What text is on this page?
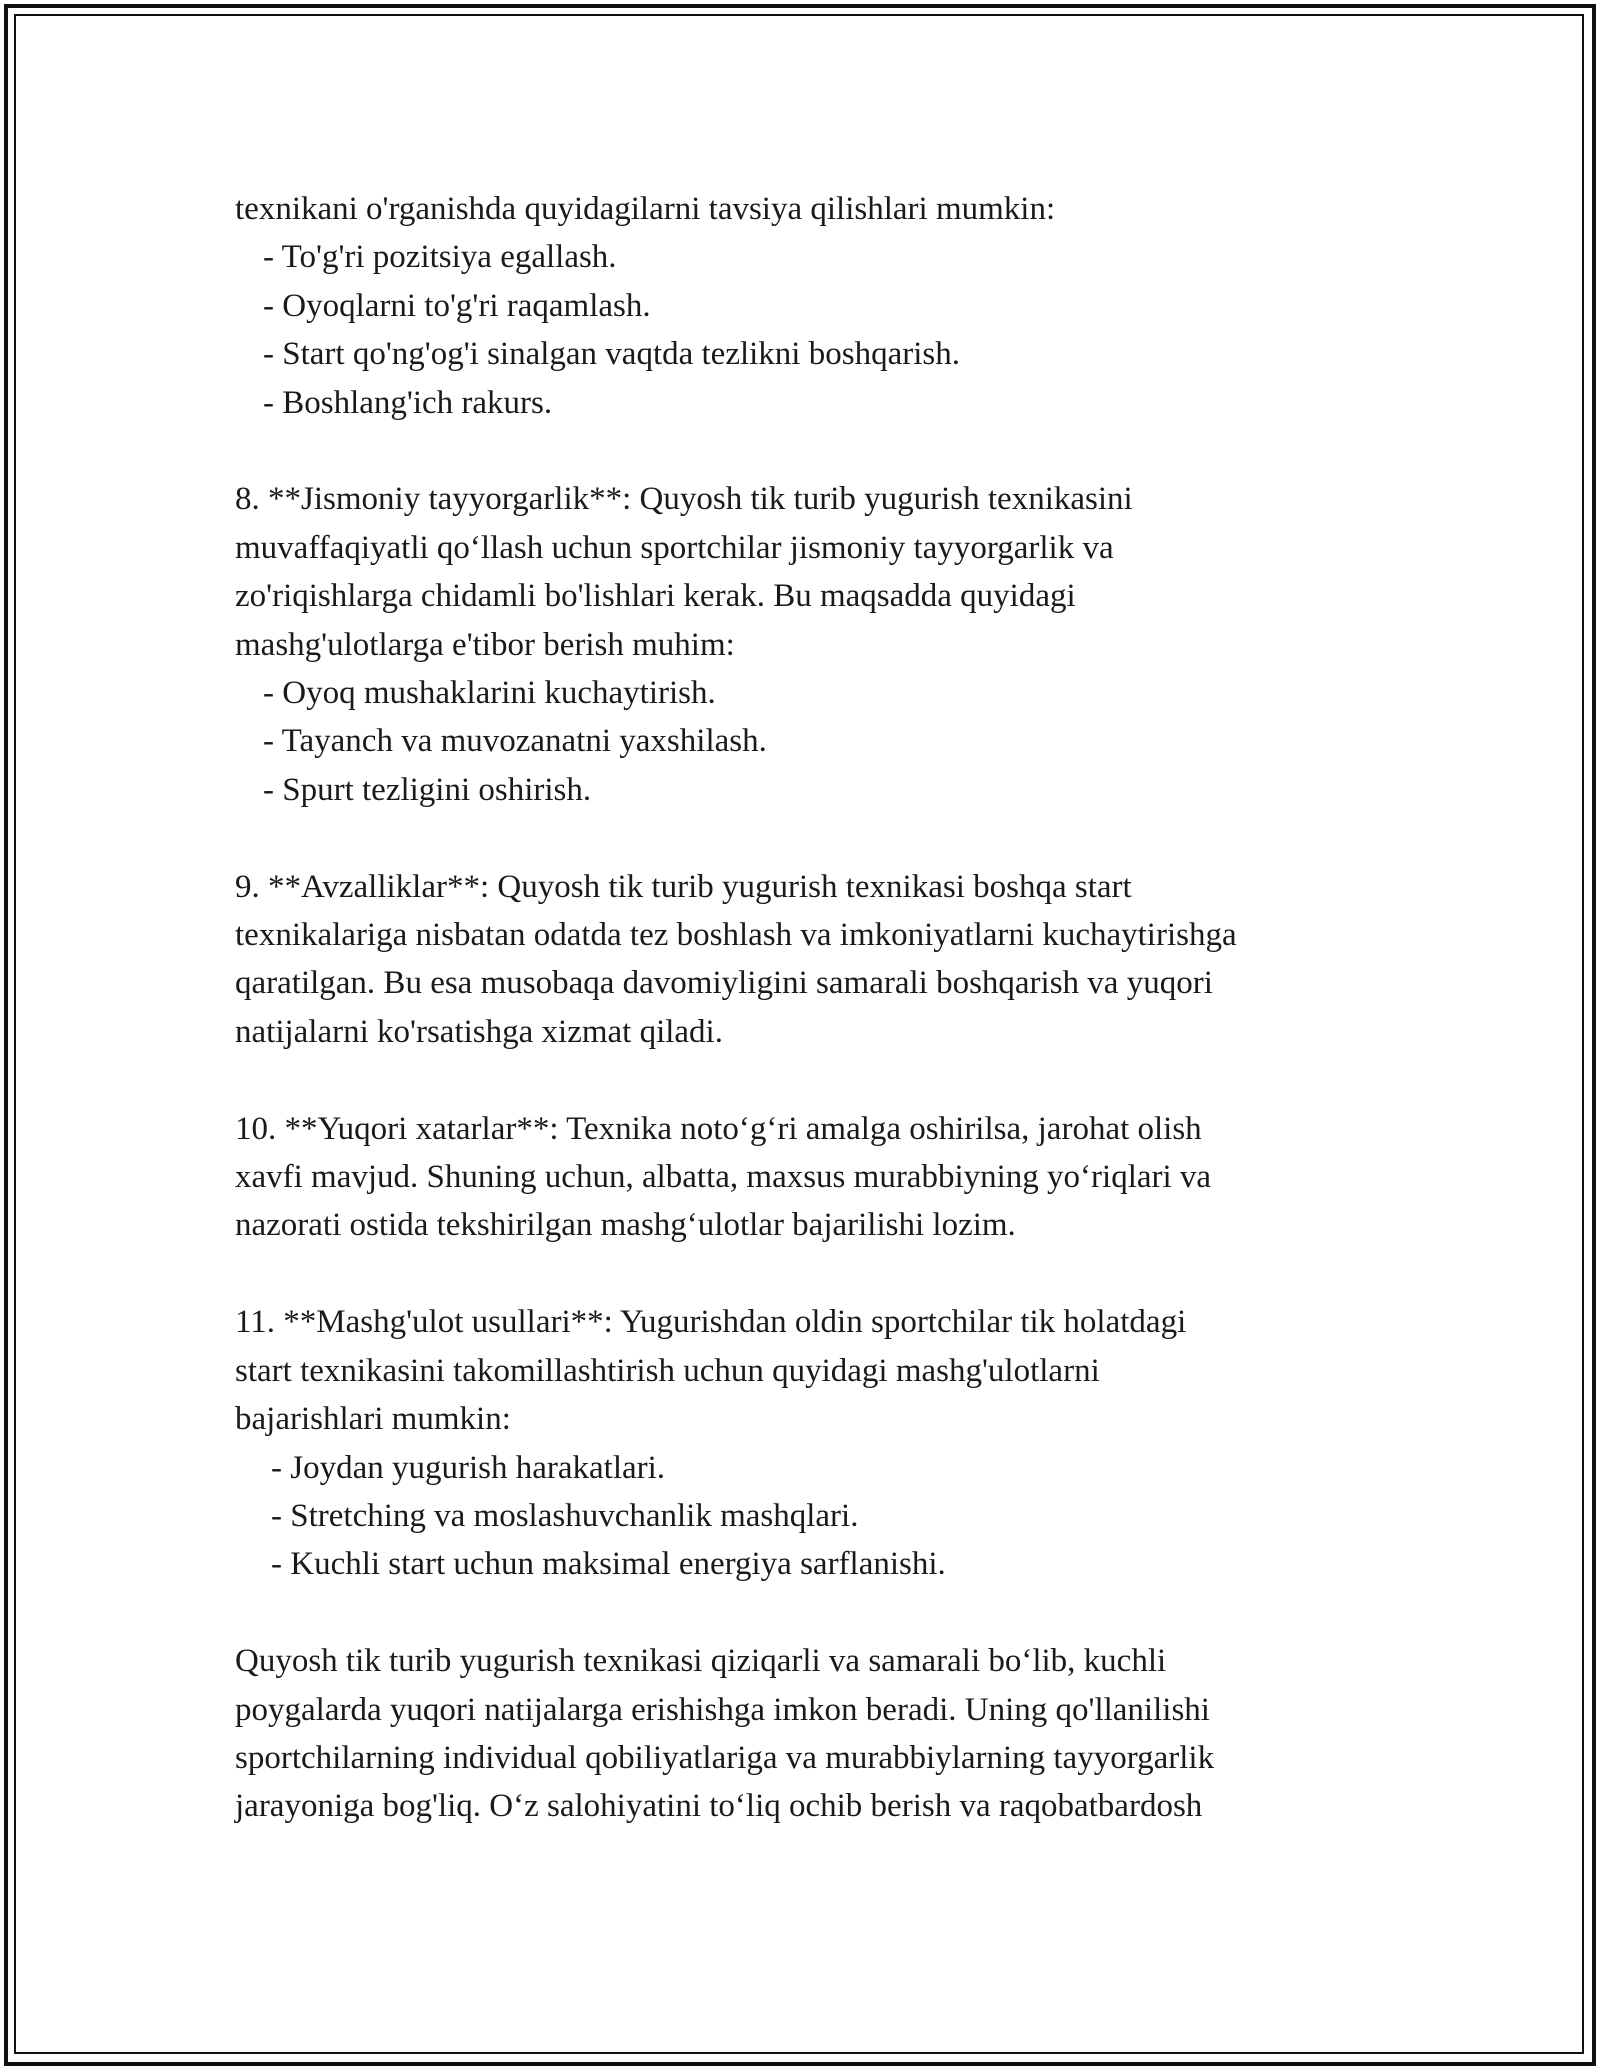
texnikani o'rganishda quyidagilarni tavsiya qilishlari mumkin:
- To'g'ri pozitsiya egallash.
- Oyoqlarni to'g'ri raqamlash.
- Start qo'ng'og'i sinalgan vaqtda tezlikni boshqarish.
- Boshlang'ich rakurs.
8. **Jismoniy tayyorgarlik**: Quyosh tik turib yugurish texnikasini
muvaffaqiyatli qo‘llash uchun sportchilar jismoniy tayyorgarlik va
zo'riqishlarga chidamli bo'lishlari kerak. Bu maqsadda quyidagi
mashg'ulotlarga e'tibor berish muhim:
- Oyoq mushaklarini kuchaytirish.
- Tayanch va muvozanatni yaxshilash.
- Spurt tezligini oshirish.
9. **Avzalliklar**: Quyosh tik turib yugurish texnikasi boshqa start
texnikalariga nisbatan odatda tez boshlash va imkoniyatlarni kuchaytirishga
qaratilgan. Bu esa musobaqa davomiyligini samarali boshqarish va yuqori
natijalarni ko'rsatishga xizmat qiladi.
10. **Yuqori xatarlar**: Texnika noto‘g‘ri amalga oshirilsa, jarohat olish
xavfi mavjud. Shuning uchun, albatta, maxsus murabbiyning yo‘riqlari va
nazorati ostida tekshirilgan mashg‘ulotlar bajarilishi lozim.
11. **Mashg'ulot usullari**: Yugurishdan oldin sportchilar tik holatdagi
start texnikasini takomillashtirish uchun quyidagi mashg'ulotlarni
bajarishlari mumkin:
- Joydan yugurish harakatlari.
- Stretching va moslashuvchanlik mashqlari.
- Kuchli start uchun maksimal energiya sarflanishi.
Quyosh tik turib yugurish texnikasi qiziqarli va samarali bo‘lib, kuchli
poygalarda yuqori natijalarga erishishga imkon beradi. Uning qo'llanilishi
sportchilarning individual qobiliyatlariga va murabbiylarning tayyorgarlik
jarayoniga bog'liq. O‘z salohiyatini to‘liq ochib berish va raqobatbardosh
